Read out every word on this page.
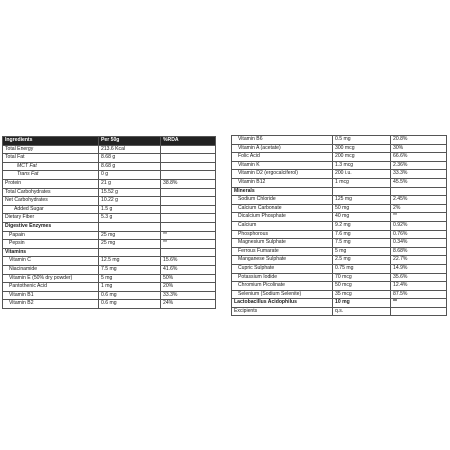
Ingredients	Per 50g	%RDA
Total Energy	213.6 Kcal	
Total Fat	8.68 g	
MCT Fat	8.68 g	
Trans Fat	0 g	
Protein	21 g	38.8%
Total Carbohydrates	15.52 g	
Net Carbohydrates	10.22 g	
Added Sugar	1.5 g	
Dietary Fiber	5.3 g	
Digestive Enzymes		
Papain	25 mg	**
Pepsin	25 mg	**
Vitamins		
Vitamin C	12.5 mg	15.6%
Niacinamide	7.5 mg	41.6%
Vitamin E (50% dry powder)	5 mg	50%
Pantothenic Acid	1 mg	20%
Vitamin B1	0.6 mg	33.3%
Vitamin B2	0.6 mg	24%
Vitamin B6	0.5 mg	20.8%
Vitamin A (acetate)	300 mcg	30%
Folic Acid	200 mcg	66.6%
Vitamin K	1.3 mcg	2.36%
Vitamin D2 (ergocalciferol)	200 i.u.	33.3%
Vitamin B12	1 mcg	45.5%
Minerals		
Sodium Chloride	125 mg	2.45%
Calcium Carbonate	50 mg	2%
Dicalcium Phosphate	40 mg	**
Calcium	9.2 mg	0.92%
Phosphorous	7.6 mg	0.76%
Magnesium Sulphate	7.5 mg	0.34%
Ferrous Fumarate	5 mg	8.68%
Manganese Sulphate	2.5 mg	22.7%
Cupric Sulphate	0.75 mg	14.9%
Potassium Iodide	70 mcg	35.6%
Chromium Picolinate	50 mcg	12.4%
Selenium (Sodium Selenite)	35 mcg	87.5%
Lactobacillus Acidophilus	10 mg	**
Excipients	q.s.	
